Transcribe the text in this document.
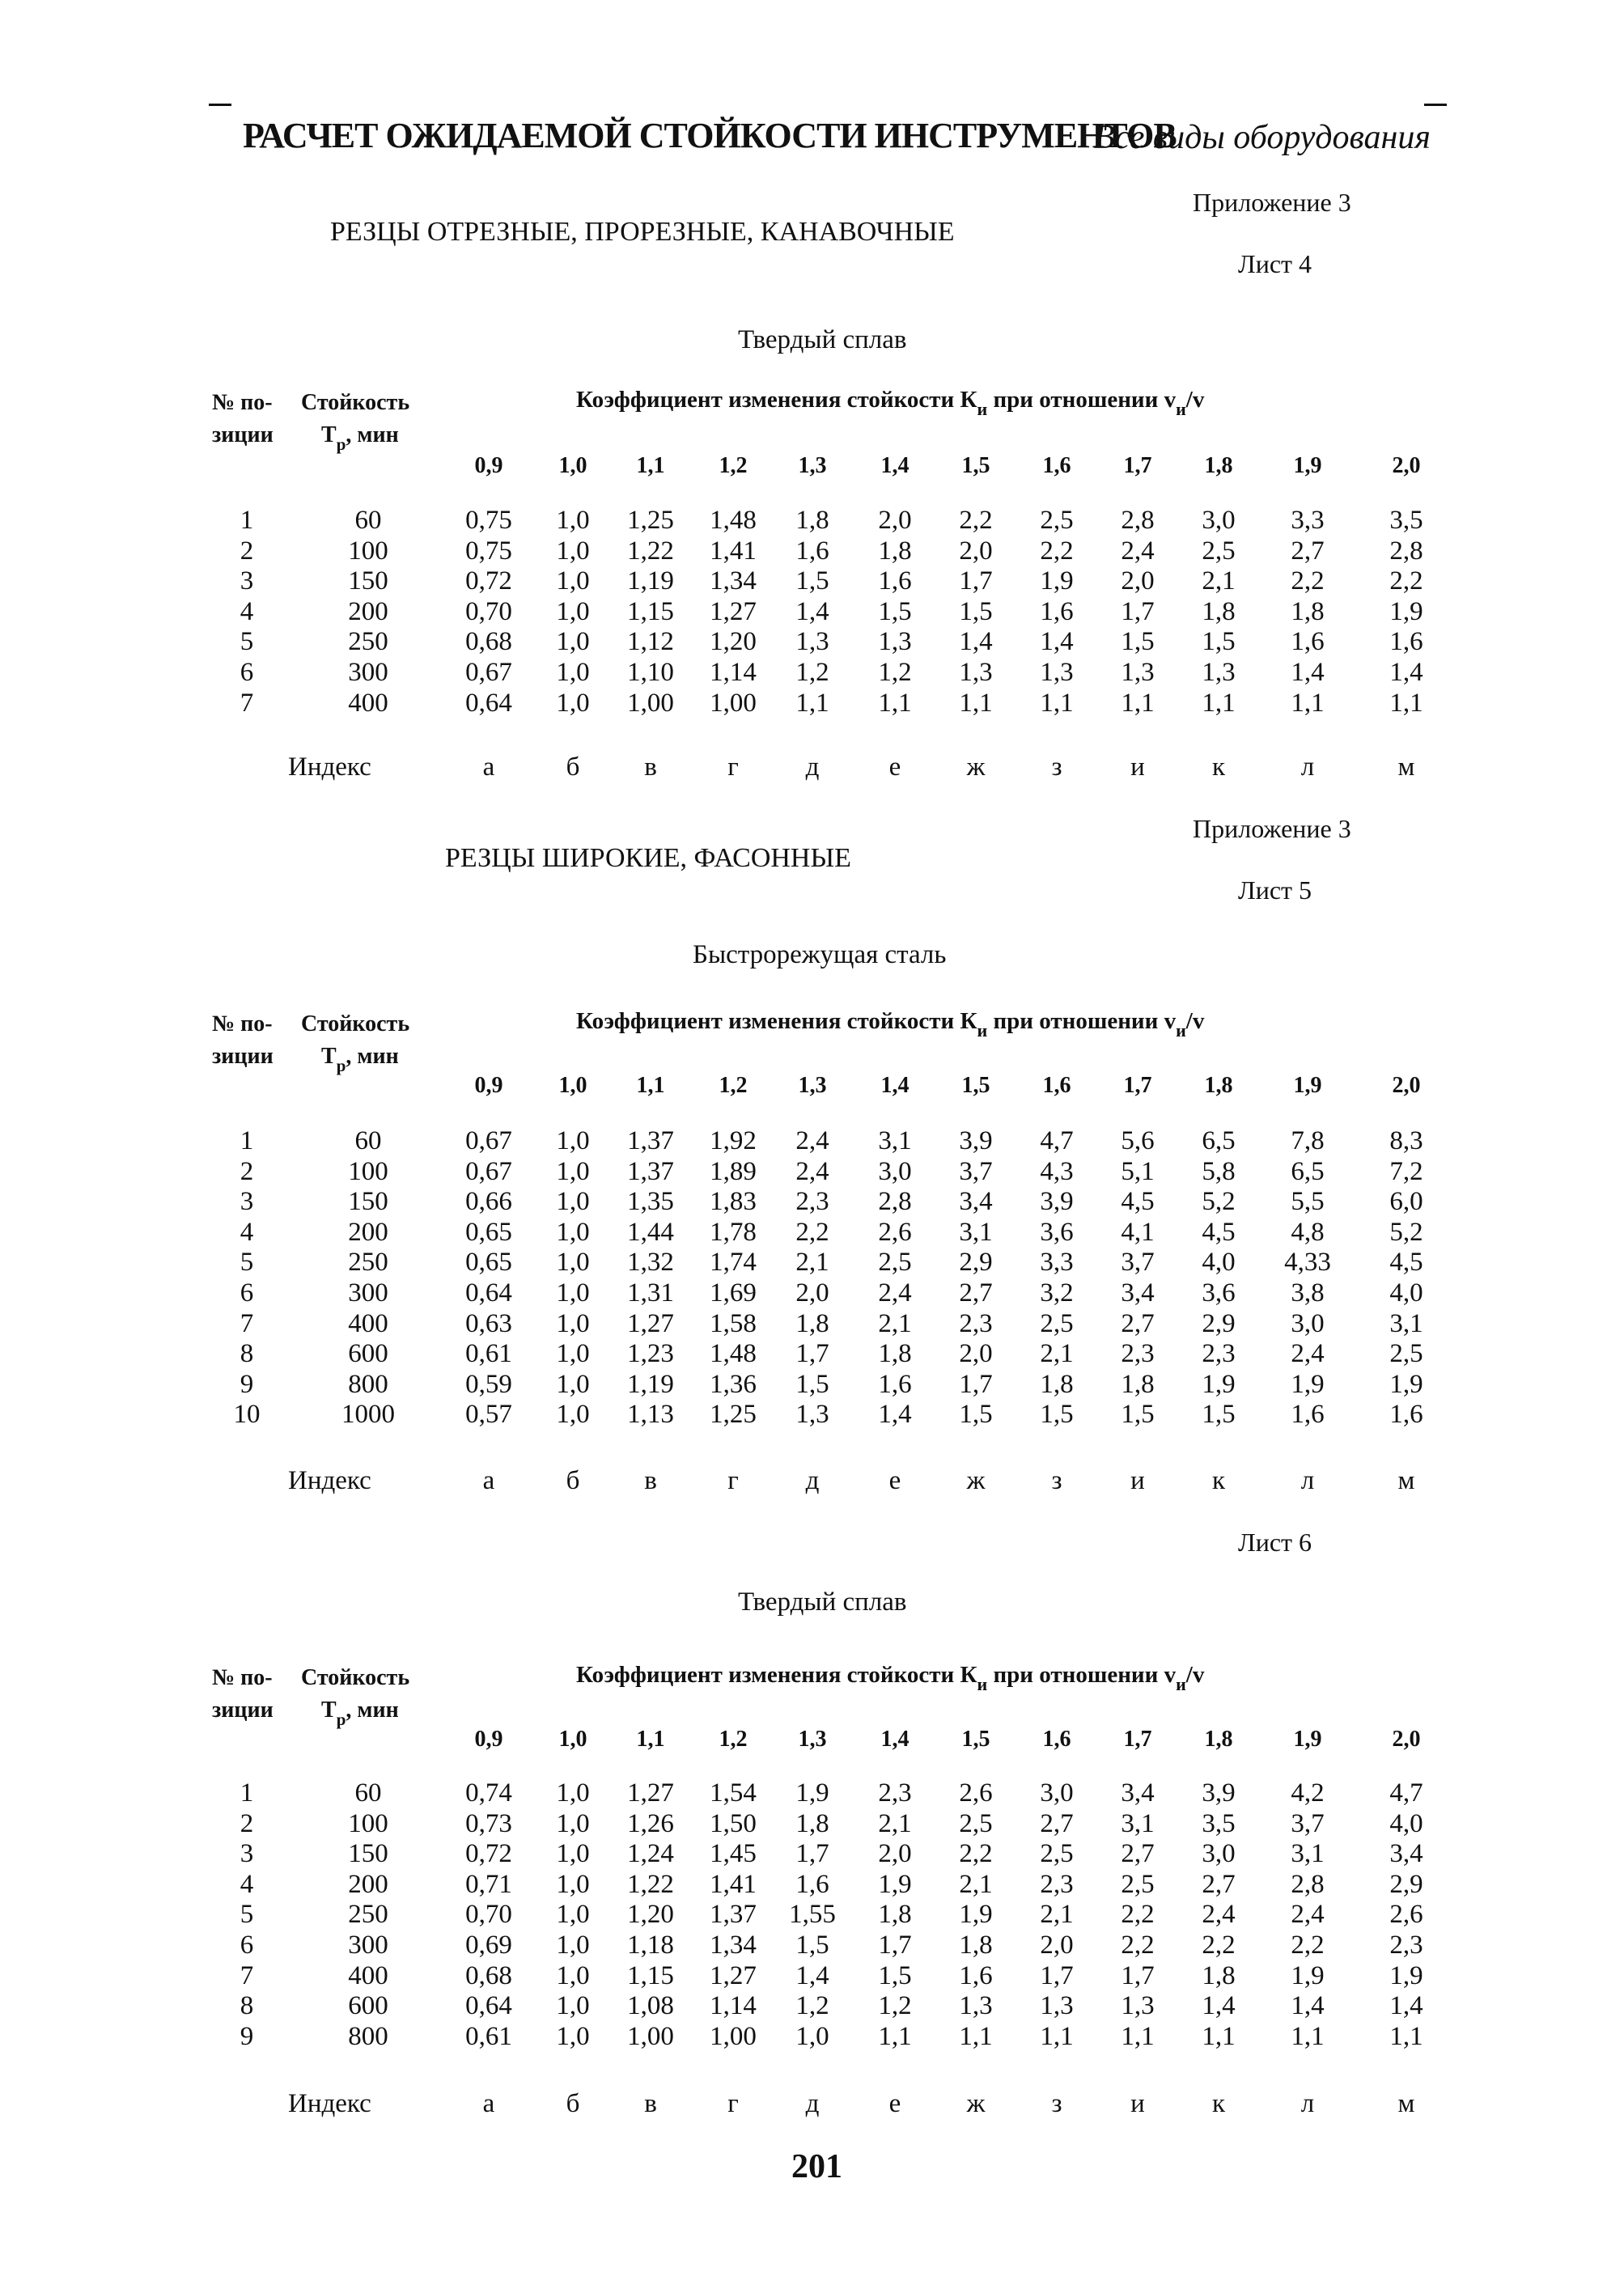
РАСЧЕТ ОЖИДАЕМОЙ СТОЙКОСТИ ИНСТРУМЕНТОВ
Все виды оборудования
Приложение 3
РЕЗЦЫ ОТРЕЗНЫЕ, ПРОРЕЗНЫЕ, КАНАВОЧНЫЕ
Лист 4
Твердый сплав
№ по-
зиции
Стойкость
$Т_р$, мин
Коэффициент изменения стойкости $К_и$ при отношении $v_и/v$
0,9	1,0	1,1	1,2	1,3	1,4	1,5	1,6	1,7	1,8	1,9	2,0
Приложение 3
РЕЗЦЫ ШИРОКИЕ, ФАСОННЫЕ
Лист 5
Быстрорежущая сталь
№ по-
зиции
Стойкость
$Т_р$, мин
Коэффициент изменения стойкости $К_и$ при отношении $v_и/v$
0,9	1,0	1,1	1,2	1,3	1,4	1,5	1,6	1,7	1,8	1,9	2,0
Лист 6
Твердый сплав
№ по-
зиции
Стойкость
$Т_р$, мин
Коэффициент изменения стойкости $К_и$ при отношении $v_и/v$
0,9	1,0	1,1	1,2	1,3	1,4	1,5	1,6	1,7	1,8	1,9	2,0
201
1	60	0,75	1,0	1,25	1,48	1,8	2,0	2,2	2,5	2,8	3,0	3,3	3,5
2	100	0,75	1,0	1,22	1,41	1,6	1,8	2,0	2,2	2,4	2,5	2,7	2,8
3	150	0,72	1,0	1,19	1,34	1,5	1,6	1,7	1,9	2,0	2,1	2,2	2,2
4	200	0,70	1,0	1,15	1,27	1,4	1,5	1,5	1,6	1,7	1,8	1,8	1,9
5	250	0,68	1,0	1,12	1,20	1,3	1,3	1,4	1,4	1,5	1,5	1,6	1,6
6	300	0,67	1,0	1,10	1,14	1,2	1,2	1,3	1,3	1,3	1,3	1,4	1,4
7	400	0,64	1,0	1,00	1,00	1,1	1,1	1,1	1,1	1,1	1,1	1,1	1,1
1	60	0,67	1,0	1,37	1,92	2,4	3,1	3,9	4,7	5,6	6,5	7,8	8,3
2	100	0,67	1,0	1,37	1,89	2,4	3,0	3,7	4,3	5,1	5,8	6,5	7,2
3	150	0,66	1,0	1,35	1,83	2,3	2,8	3,4	3,9	4,5	5,2	5,5	6,0
4	200	0,65	1,0	1,44	1,78	2,2	2,6	3,1	3,6	4,1	4,5	4,8	5,2
5	250	0,65	1,0	1,32	1,74	2,1	2,5	2,9	3,3	3,7	4,0	4,33	4,5
6	300	0,64	1,0	1,31	1,69	2,0	2,4	2,7	3,2	3,4	3,6	3,8	4,0
7	400	0,63	1,0	1,27	1,58	1,8	2,1	2,3	2,5	2,7	2,9	3,0	3,1
8	600	0,61	1,0	1,23	1,48	1,7	1,8	2,0	2,1	2,3	2,3	2,4	2,5
9	800	0,59	1,0	1,19	1,36	1,5	1,6	1,7	1,8	1,8	1,9	1,9	1,9
10	1000	0,57	1,0	1,13	1,25	1,3	1,4	1,5	1,5	1,5	1,5	1,6	1,6
1	60	0,74	1,0	1,27	1,54	1,9	2,3	2,6	3,0	3,4	3,9	4,2	4,7
2	100	0,73	1,0	1,26	1,50	1,8	2,1	2,5	2,7	3,1	3,5	3,7	4,0
3	150	0,72	1,0	1,24	1,45	1,7	2,0	2,2	2,5	2,7	3,0	3,1	3,4
4	200	0,71	1,0	1,22	1,41	1,6	1,9	2,1	2,3	2,5	2,7	2,8	2,9
5	250	0,70	1,0	1,20	1,37	1,55	1,8	1,9	2,1	2,2	2,4	2,4	2,6
6	300	0,69	1,0	1,18	1,34	1,5	1,7	1,8	2,0	2,2	2,2	2,2	2,3
7	400	0,68	1,0	1,15	1,27	1,4	1,5	1,6	1,7	1,7	1,8	1,9	1,9
8	600	0,64	1,0	1,08	1,14	1,2	1,2	1,3	1,3	1,3	1,4	1,4	1,4
9	800	0,61	1,0	1,00	1,00	1,0	1,1	1,1	1,1	1,1	1,1	1,1	1,1
Индекс	а	б	в	г	д	е	ж	з	и	к	л	м
Индекс	а	б	в	г	д	е	ж	з	и	к	л	м
Индекс	а	б	в	г	д	е	ж	з	и	к	л	м
